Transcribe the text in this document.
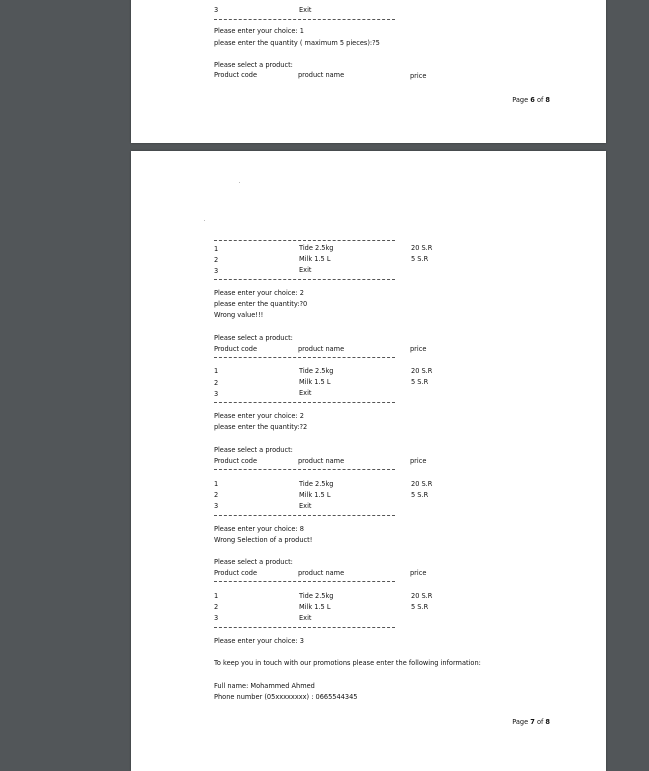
3	Exit
Please enter your choice: 1
please enter the quantity ( maximum 5 pieces):?5
Please select a product:
Product code	product name	price
Page 6 of 8
1	Tide 2.5kg	20 S.R
2	Milk 1.5 L	5 S.R
3	Exit
Please enter your choice: 2
please enter the quantity:?0
Wrong value!!!
Please select a product:
Product code	product name	price
1	Tide 2.5kg	20 S.R
2	Milk 1.5 L	5 S.R
3	Exit
Please enter your choice: 2
please enter the quantity:?2
Please select a product:
Product code	product name	price
1	Tide 2.5kg	20 S.R
2	Milk 1.5 L	5 S.R
3	Exit
Please enter your choice: 8
Wrong Selection of a product!
Please select a product:
Product code	product name	price
1	Tide 2.5kg	20 S.R
2	Milk 1.5 L	5 S.R
3	Exit
Please enter your choice: 3
To keep you in touch with our promotions please enter the following information:
Full name: Mohammed Ahmed
Phone number (05xxxxxxxx) : 0665544345
Page 7 of 8
